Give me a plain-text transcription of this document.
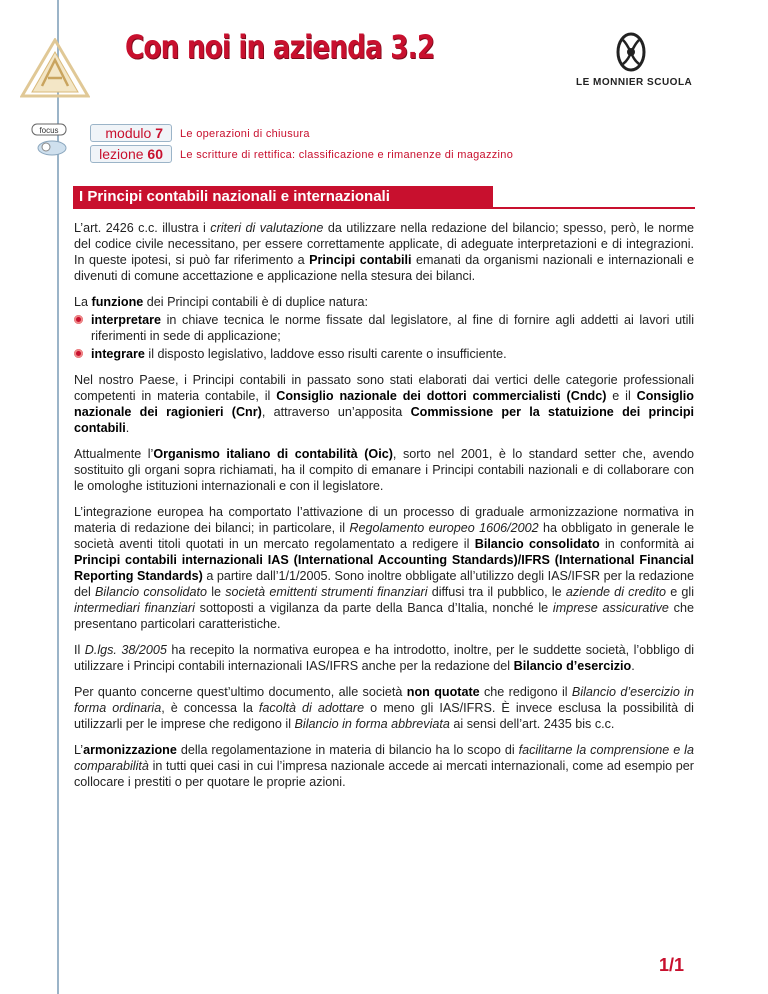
Con noi in azienda 3.2
LE MONNIER SCUOLA
focus	modulo 7	Le operazioni di chiusura
lezione 60	Le scritture di rettifica: classificazione e rimanenze di magazzino
I Principi contabili nazionali e internazionali

L’art. 2426 c.c. illustra i criteri di valutazione da utilizzare nella redazione del bilancio; spesso, però, le norme del codice civile necessitano, per essere correttamente applicate, di adeguate interpretazioni e di integrazioni. In queste ipotesi, si può far riferimento a Principi contabili emanati da organismi nazionali e internazionali e divenuti di comune accettazione e applicazione nella stesura dei bilanci.

La funzione dei Principi contabili è di duplice natura:

interpretare in chiave tecnica le norme fissate dal legislatore, al fine di fornire agli addetti ai lavori utili riferimenti in sede di applicazione;
integrare il disposto legislativo, laddove esso risulti carente o insufficiente.

Nel nostro Paese, i Principi contabili in passato sono stati elaborati dai vertici delle categorie professionali competenti in materia contabile, il Consiglio nazionale dei dottori commercialisti (Cndc) e il Consiglio nazionale dei ragionieri (Cnr), attraverso un’apposita Commissione per la statuizione dei principi contabili.

Attualmente l’Organismo italiano di contabilità (Oic), sorto nel 2001, è lo standard setter che, avendo sostituito gli organi sopra richiamati, ha il compito di emanare i Principi contabili nazionali e di collaborare con le omologhe istituzioni internazionali e con il legislatore.

L’integrazione europea ha comportato l’attivazione di un processo di graduale armonizzazione normativa in materia di redazione dei bilanci; in particolare, il Regolamento europeo 1606/2002 ha obbligato in generale le società aventi titoli quotati in un mercato regolamentato a redigere il Bilancio consolidato in conformità ai Principi contabili internazionali IAS (International Accounting Standards)/IFRS (International Financial Reporting Standards) a partire dall’1/1/2005. Sono inoltre obbligate all’utilizzo degli IAS/IFSR per la redazione del Bilancio consolidato le società emittenti strumenti finanziari diffusi tra il pubblico, le aziende di credito e gli intermediari finanziari sottoposti a vigilanza da parte della Banca d’Italia, nonché le imprese assicurative che presentano particolari caratteristiche.

Il D.lgs. 38/2005 ha recepito la normativa europea e ha introdotto, inoltre, per le suddette società, l’obbligo di utilizzare i Principi contabili internazionali IAS/IFRS anche per la redazione del Bilancio d’esercizio.

Per quanto concerne quest’ultimo documento, alle società non quotate che redigono il Bilancio d’esercizio in forma ordinaria, è concessa la facoltà di adottare o meno gli IAS/IFRS. È invece esclusa la possibilità di utilizzarli per le imprese che redigono il Bilancio in forma abbreviata ai sensi dell’art. 2435 bis c.c.

L’armonizzazione della regolamentazione in materia di bilancio ha lo scopo di facilitarne la comprensione e la comparabilità in tutti quei casi in cui l’impresa nazionale accede ai mercati internazionali, come ad esempio per collocare i prestiti o per quotare le proprie azioni.

1/1
